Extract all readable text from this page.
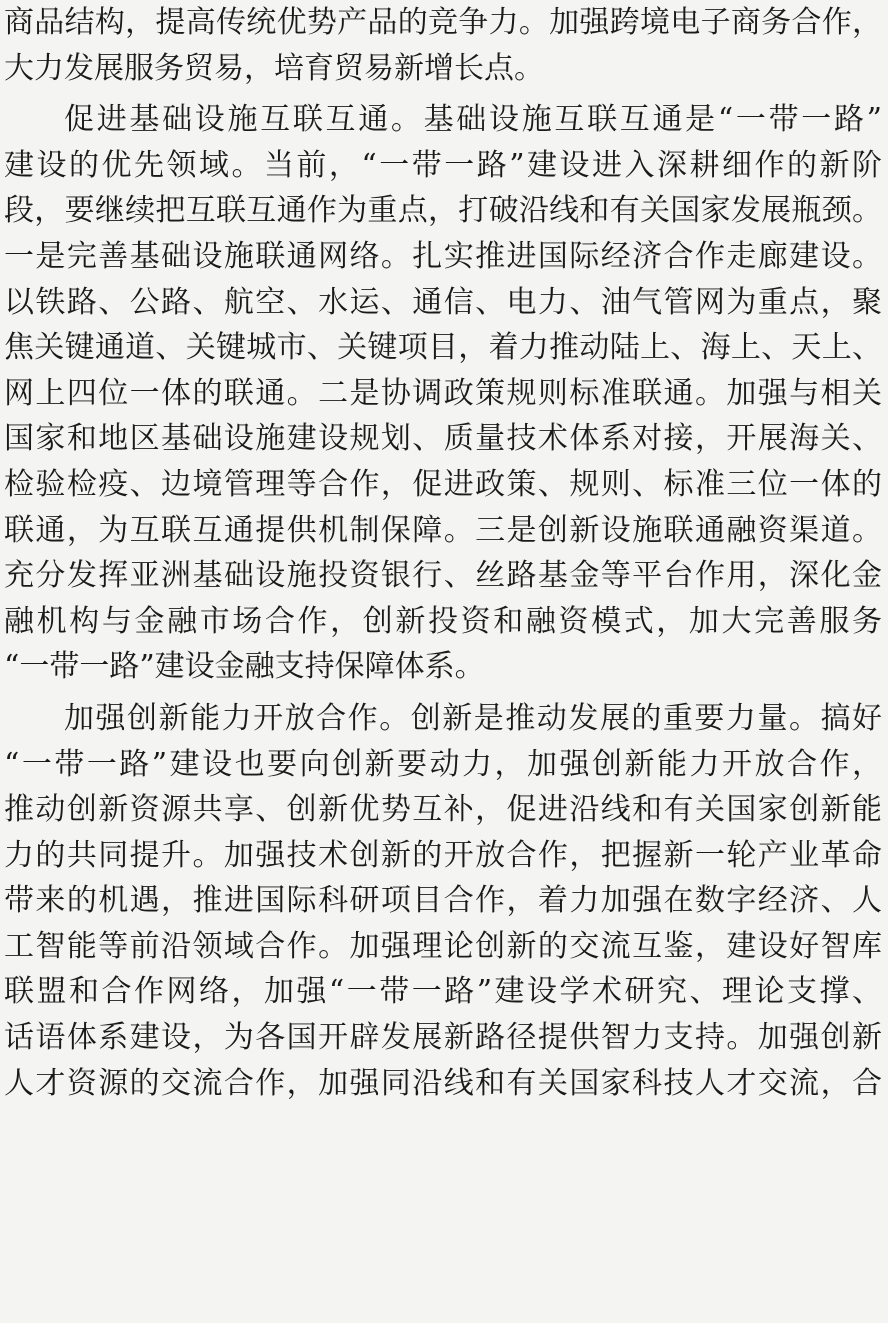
商品结构，提高传统优势产品的竞争力。加强跨境电子商务合作，
大力发展服务贸易，培育贸易新增长点。
促进基础设施互联互通。基础设施互联互通是“一带一路”
建设的优先领域。当前，“一带一路”建设进入深耕细作的新阶
段，要继续把互联互通作为重点，打破沿线和有关国家发展瓶颈。
一是完善基础设施联通网络。扎实推进国际经济合作走廊建设。
以铁路、公路、航空、水运、通信、电力、油气管网为重点，聚
焦关键通道、关键城市、关键项目，着力推动陆上、海上、天上、
网上四位一体的联通。二是协调政策规则标准联通。加强与相关
国家和地区基础设施建设规划、质量技术体系对接，开展海关、
检验检疫、边境管理等合作，促进政策、规则、标准三位一体的
联通，为互联互通提供机制保障。三是创新设施联通融资渠道。
充分发挥亚洲基础设施投资银行、丝路基金等平台作用，深化金
融机构与金融市场合作，创新投资和融资模式，加大完善服务
“一带一路”建设金融支持保障体系。
加强创新能力开放合作。创新是推动发展的重要力量。搞好
“一带一路”建设也要向创新要动力，加强创新能力开放合作，
推动创新资源共享、创新优势互补，促进沿线和有关国家创新能
力的共同提升。加强技术创新的开放合作，把握新一轮产业革命
带来的机遇，推进国际科研项目合作，着力加强在数字经济、人
工智能等前沿领域合作。加强理论创新的交流互鉴，建设好智库
联盟和合作网络，加强“一带一路”建设学术研究、理论支撑、
话语体系建设，为各国开辟发展新路径提供智力支持。加强创新
人才资源的交流合作，加强同沿线和有关国家科技人才交流，合
